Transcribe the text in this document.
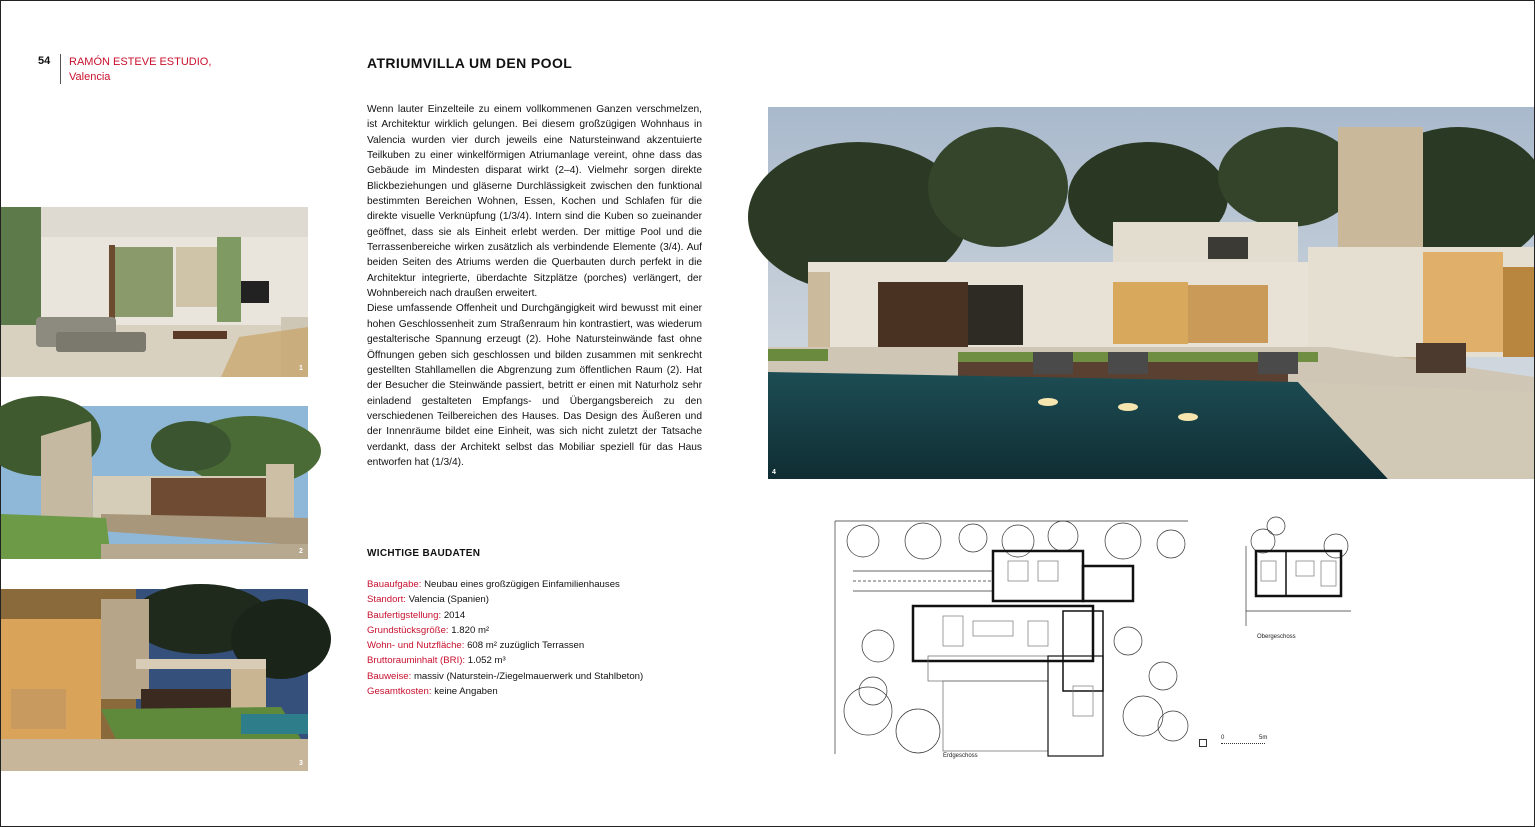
54 RAMÓN ESTEVE ESTUDIO,
Valencia
ATRIUMVILLA UM DEN POOL

Wenn lauter Einzelteile zu einem vollkommenen Ganzen verschmelzen, ist Architektur wirklich gelungen. Bei diesem großzügigen Wohnhaus in Valencia wurden vier durch jeweils eine Natursteinwand akzentuierte Teilkuben zu einer winkelförmigen Atriumanlage vereint, ohne dass das Gebäude im Mindesten disparat wirkt (2–4). Vielmehr sorgen direkte Blickbeziehungen und gläserne Durchlässigkeit zwischen den funktional bestimmten Bereichen Wohnen, Essen, Kochen und Schlafen für die direkte visuelle Verknüpfung (1/3/4). Intern sind die Kuben so zueinander geöffnet, dass sie als Einheit erlebt werden. Der mittige Pool und die Terrassenbereiche wirken zusätzlich als verbindende Elemente (3/4). Auf beiden Seiten des Atriums werden die Querbauten durch perfekt in die Architektur integrierte, überdachte Sitzplätze (porches) verlängert, der Wohnbereich nach draußen erweitert.

Diese umfassende Offenheit und Durchgängigkeit wird bewusst mit einer hohen Geschlossenheit zum Straßenraum hin kontrastiert, was wiederum gestalterische Spannung erzeugt (2). Hohe Natursteinwände fast ohne Öffnungen geben sich geschlossen und bilden zusammen mit senkrecht gestellten Stahllamellen die Abgrenzung zum öffentlichen Raum (2). Hat der Besucher die Steinwände passiert, betritt er einen mit Naturholz sehr einladend gestalteten Empfangs- und Übergangsbereich zu den verschiedenen Teilbereichen des Hauses. Das Design des Äußeren und der Innenräume bildet eine Einheit, was sich nicht zuletzt der Tatsache verdankt, dass der Architekt selbst das Mobiliar speziell für das Haus entworfen hat (1/3/4).

WICHTIGE BAUDATEN
Bauaufgabe: Neubau eines großzügigen Einfamilienhauses
Standort: Valencia (Spanien)
Baufertigstellung: 2014
Grundstücksgröße: 1.820 m²
Wohn- und Nutzfläche: 608 m² zuzüglich Terrassen
Bruttorauminhalt (BRI): 1.052 m³
Bauweise: massiv (Naturstein-/Ziegelmauerwerk und Stahlbeton)
Gesamtkosten: keine Angaben
1
2
3
4
Erdgeschoss
0	5m
Obergeschoss
